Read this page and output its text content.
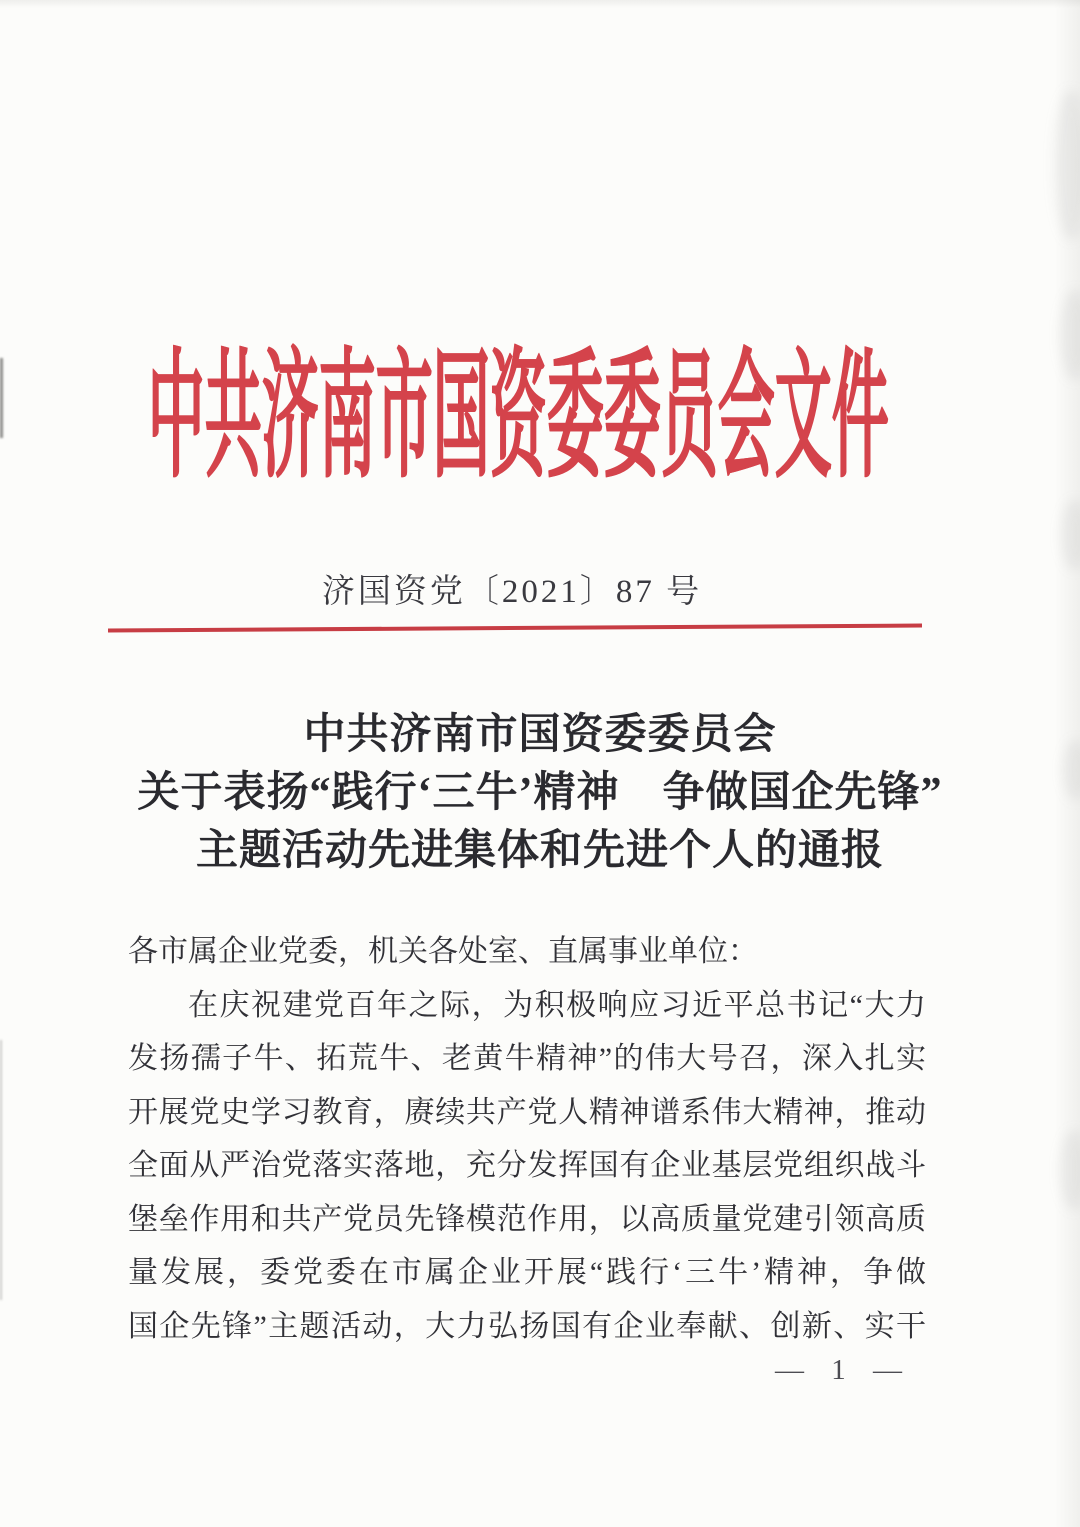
中共济南市国资委委员会文件
济国资党〔2021〕87 号
中共济南市国资委委员会
关于表扬“践行‘三牛’精神　争做国企先锋”
主题活动先进集体和先进个人的通报
各市属企业党委，机关各处室、直属事业单位：
在庆祝建党百年之际，为积极响应习近平总书记“大力
发扬孺子牛、拓荒牛、老黄牛精神”的伟大号召，深入扎实
开展党史学习教育，赓续共产党人精神谱系伟大精神，推动
全面从严治党落实落地，充分发挥国有企业基层党组织战斗
堡垒作用和共产党员先锋模范作用，以高质量党建引领高质
量发展，委党委在市属企业开展“践行‘三牛’精神，争做
国企先锋”主题活动，大力弘扬国有企业奉献、创新、实干
— 1 —
